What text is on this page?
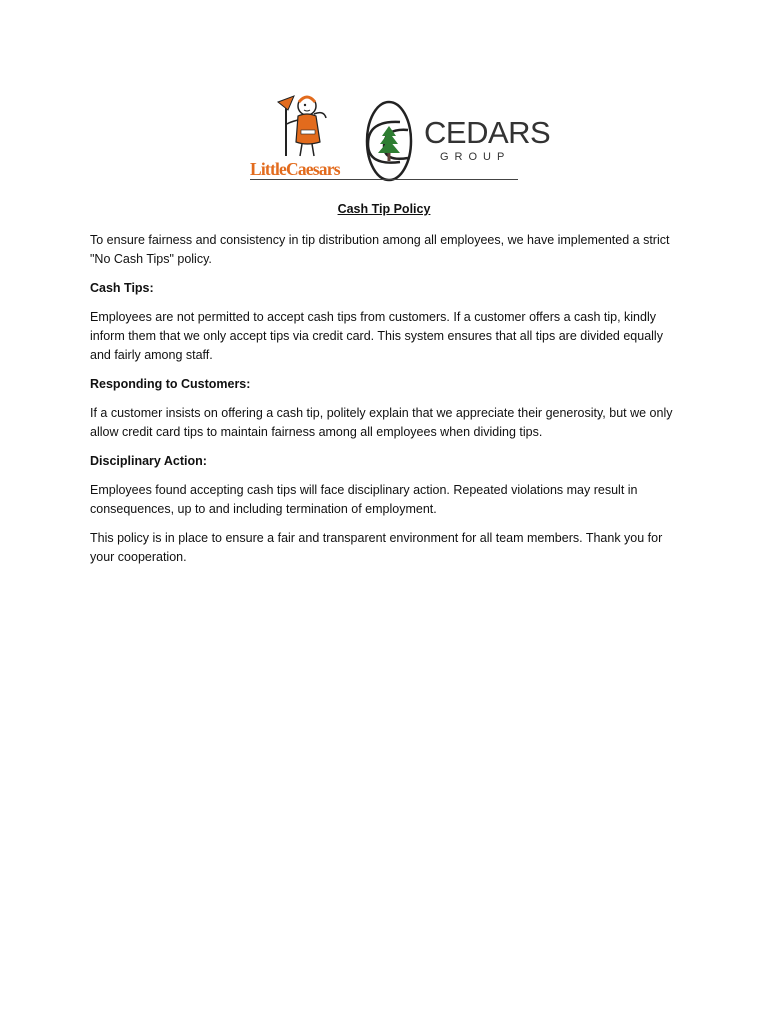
LittleCaesars
CEDARS
GROUP
Cash Tip Policy

To ensure fairness and consistency in tip distribution among all employees, we have implemented a strict "No Cash Tips" policy.

Cash Tips:

Employees are not permitted to accept cash tips from customers. If a customer offers a cash tip, kindly inform them that we only accept tips via credit card. This system ensures that all tips are divided equally and fairly among staff.

Responding to Customers:

If a customer insists on offering a cash tip, politely explain that we appreciate their generosity, but we only allow credit card tips to maintain fairness among all employees when dividing tips.

Disciplinary Action:

Employees found accepting cash tips will face disciplinary action. Repeated violations may result in consequences, up to and including termination of employment.

This policy is in place to ensure a fair and transparent environment for all team members. Thank you for your cooperation.
